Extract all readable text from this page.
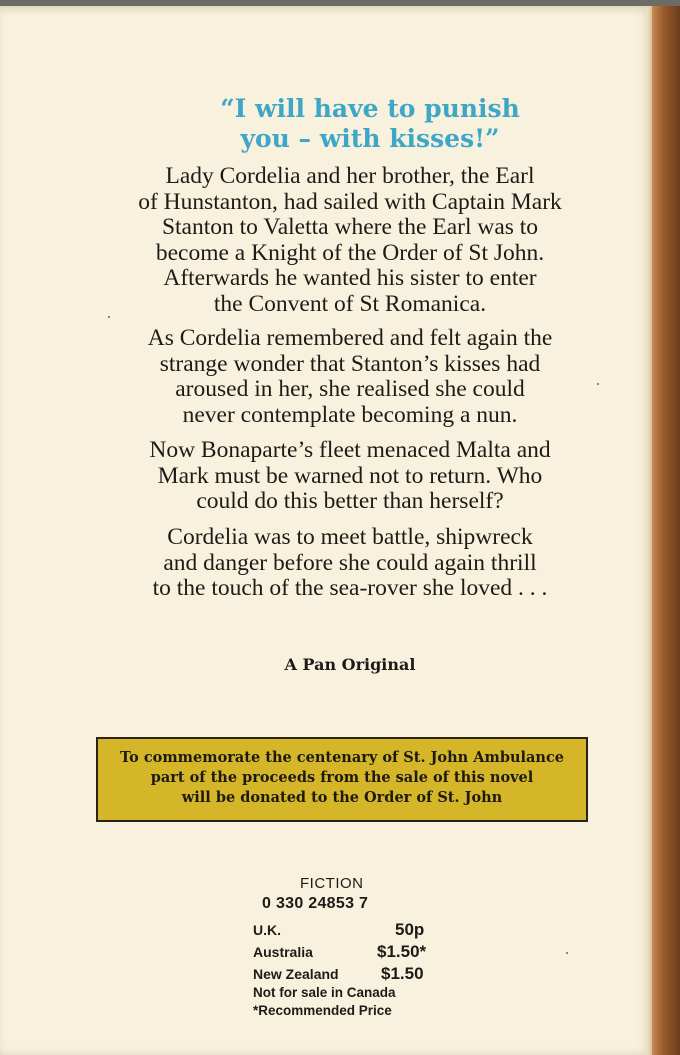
“I will have to punish
you – with kisses!”
Lady Cordelia and her brother, the Earl
of Hunstanton, had sailed with Captain Mark
Stanton to Valetta where the Earl was to
become a Knight of the Order of St John.
Afterwards he wanted his sister to enter
the Convent of St Romanica.
As Cordelia remembered and felt again the
strange wonder that Stanton’s kisses had
aroused in her, she realised she could
never contemplate becoming a nun.
Now Bonaparte’s fleet menaced Malta and
Mark must be warned not to return. Who
could do this better than herself?
Cordelia was to meet battle, shipwreck
and danger before she could again thrill
to the touch of the sea-rover she loved . . .
A Pan Original
To commemorate the centenary of St. John Ambulance
part of the proceeds from the sale of this novel
will be donated to the Order of St. John
FICTION
0 330 24853 7
U.K.	50p
Australia	$1.50*
New Zealand $1.50
Not for sale in Canada
*Recommended Price
